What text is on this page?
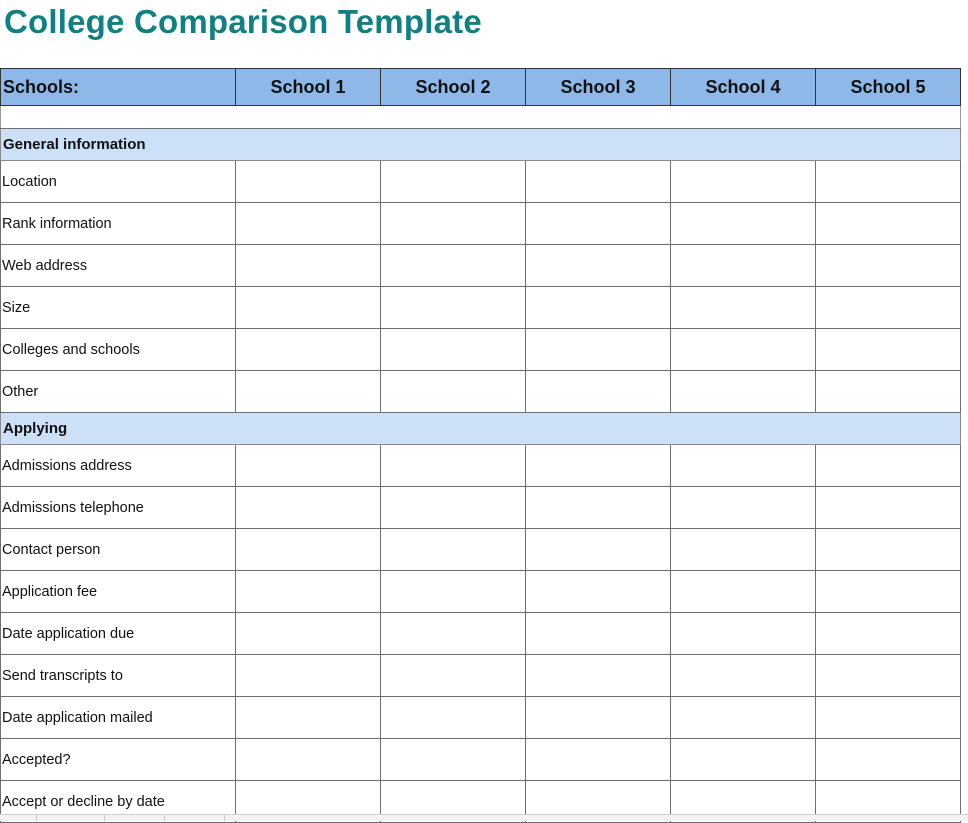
College Comparison Template
Schools:	School 1	School 2	School 3	School 4	School 5

General information					
Location					
Rank information					
Web address					
Size					
Colleges and schools					
Other					
Applying					
Admissions address					
Admissions telephone					
Contact person					
Application fee					
Date application due					
Send transcripts to					
Date application mailed					
Accepted?					
Accept or decline by date					
